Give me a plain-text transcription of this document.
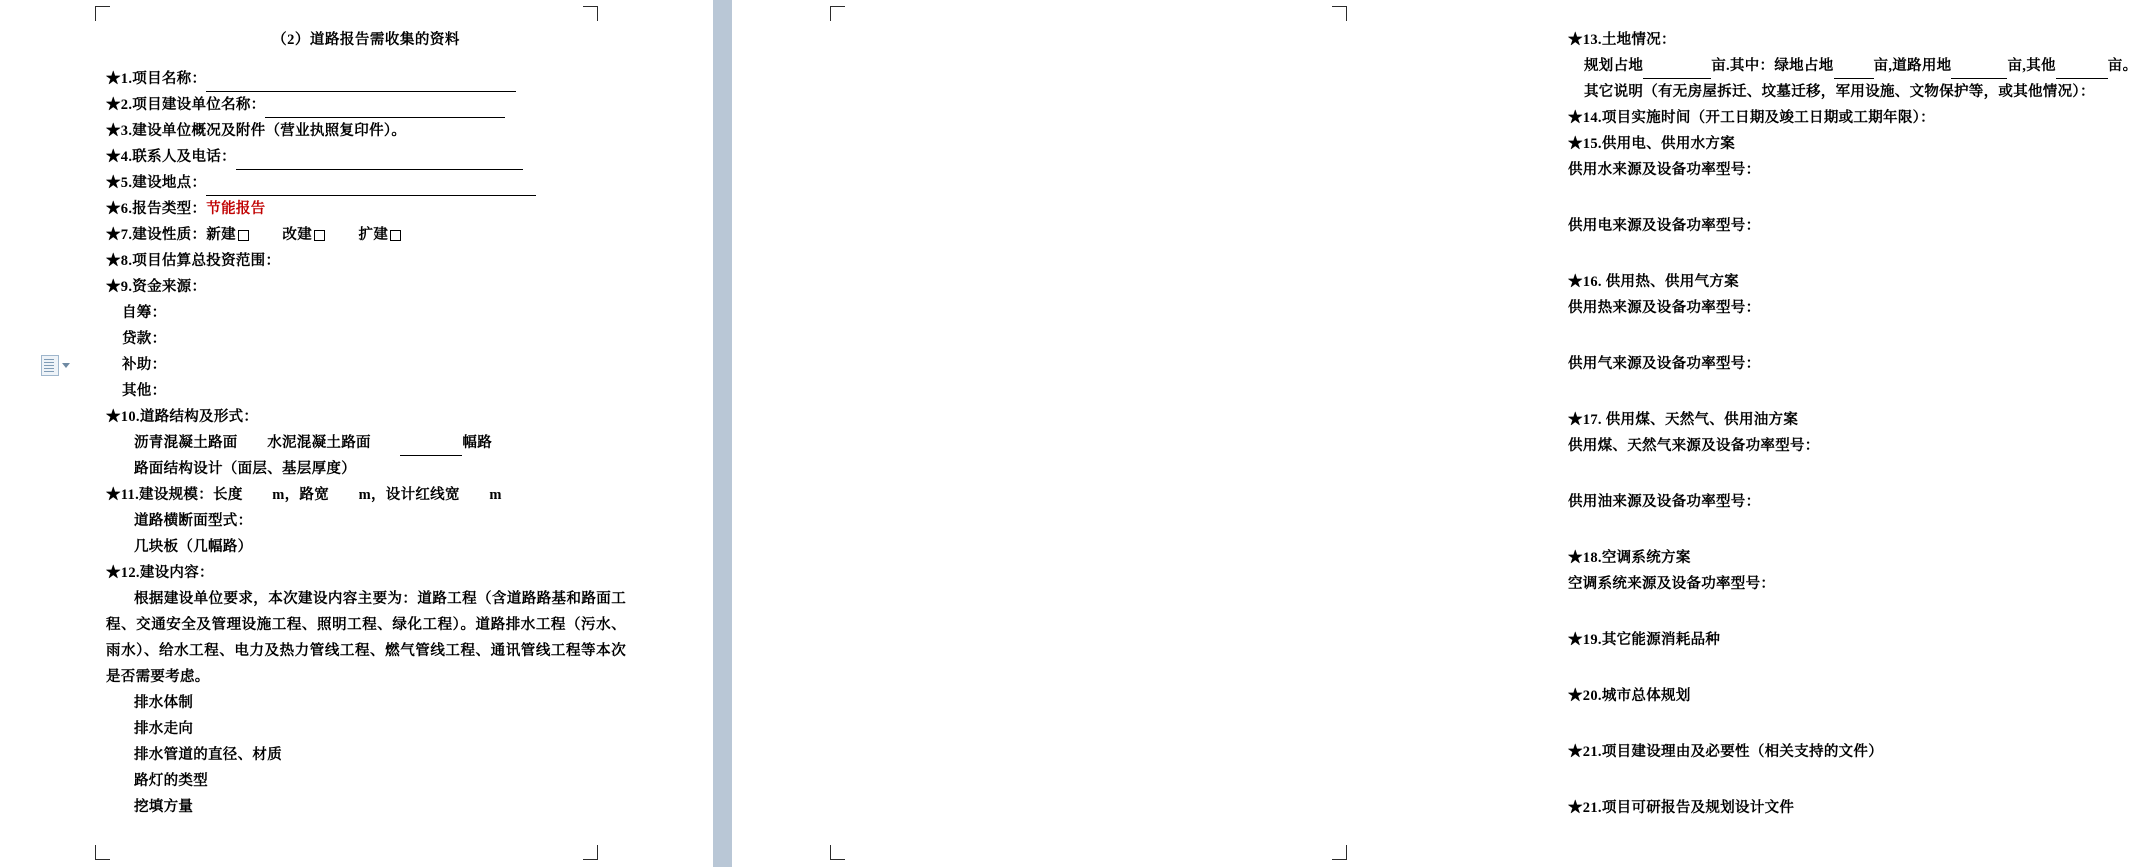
（2）道路报告需收集的资料
★1.项目名称：
★2.项目建设单位名称：
★3.建设单位概况及附件（营业执照复印件）。
★4.联系人及电话：
★5.建设地点：
★6.报告类型：节能报告
★7.建设性质：新建　　 改建　　 扩建
★8.项目估算总投资范围：
★9.资金来源：
自筹：
贷款：
补助：
其他：
★10.道路结构及形式：
沥青混凝土路面　　水泥混凝土路面　　	幅路
路面结构设计（面层、基层厚度）
★11.建设规模：长度　　m，路宽　　m，设计红线宽　　m
道路横断面型式：
几块板（几幅路）
★12.建设内容：

根据建设单位要求，本次建设内容主要为：道路工程（含道路路基和路面工程、交通安全及管理设施工程、照明工程、绿化工程）。道路排水工程（污水、雨水）、给水工程、电力及热力管线工程、燃气管线工程、通讯管线工程等本次是否需要考虑。

排水体制
排水走向
排水管道的直径、材质
路灯的类型
挖填方量
★13.土地情况：
规划占地	亩.其中：绿地占地	亩,道路用地	亩,其他	亩。
其它说明（有无房屋拆迁、坟墓迁移，军用设施、文物保护等，或其他情况）：
★14.项目实施时间（开工日期及竣工日期或工期年限）：
★15.供用电、供用水方案
供用水来源及设备功率型号：
供用电来源及设备功率型号：
★16. 供用热、供用气方案
供用热来源及设备功率型号：
供用气来源及设备功率型号：
★17. 供用煤、天然气、供用油方案
供用煤、天然气来源及设备功率型号：
供用油来源及设备功率型号：
★18.空调系统方案
空调系统来源及设备功率型号：
★19.其它能源消耗品种
★20.城市总体规划
★21.项目建设理由及必要性（相关支持的文件）
★21.项目可研报告及规划设计文件
